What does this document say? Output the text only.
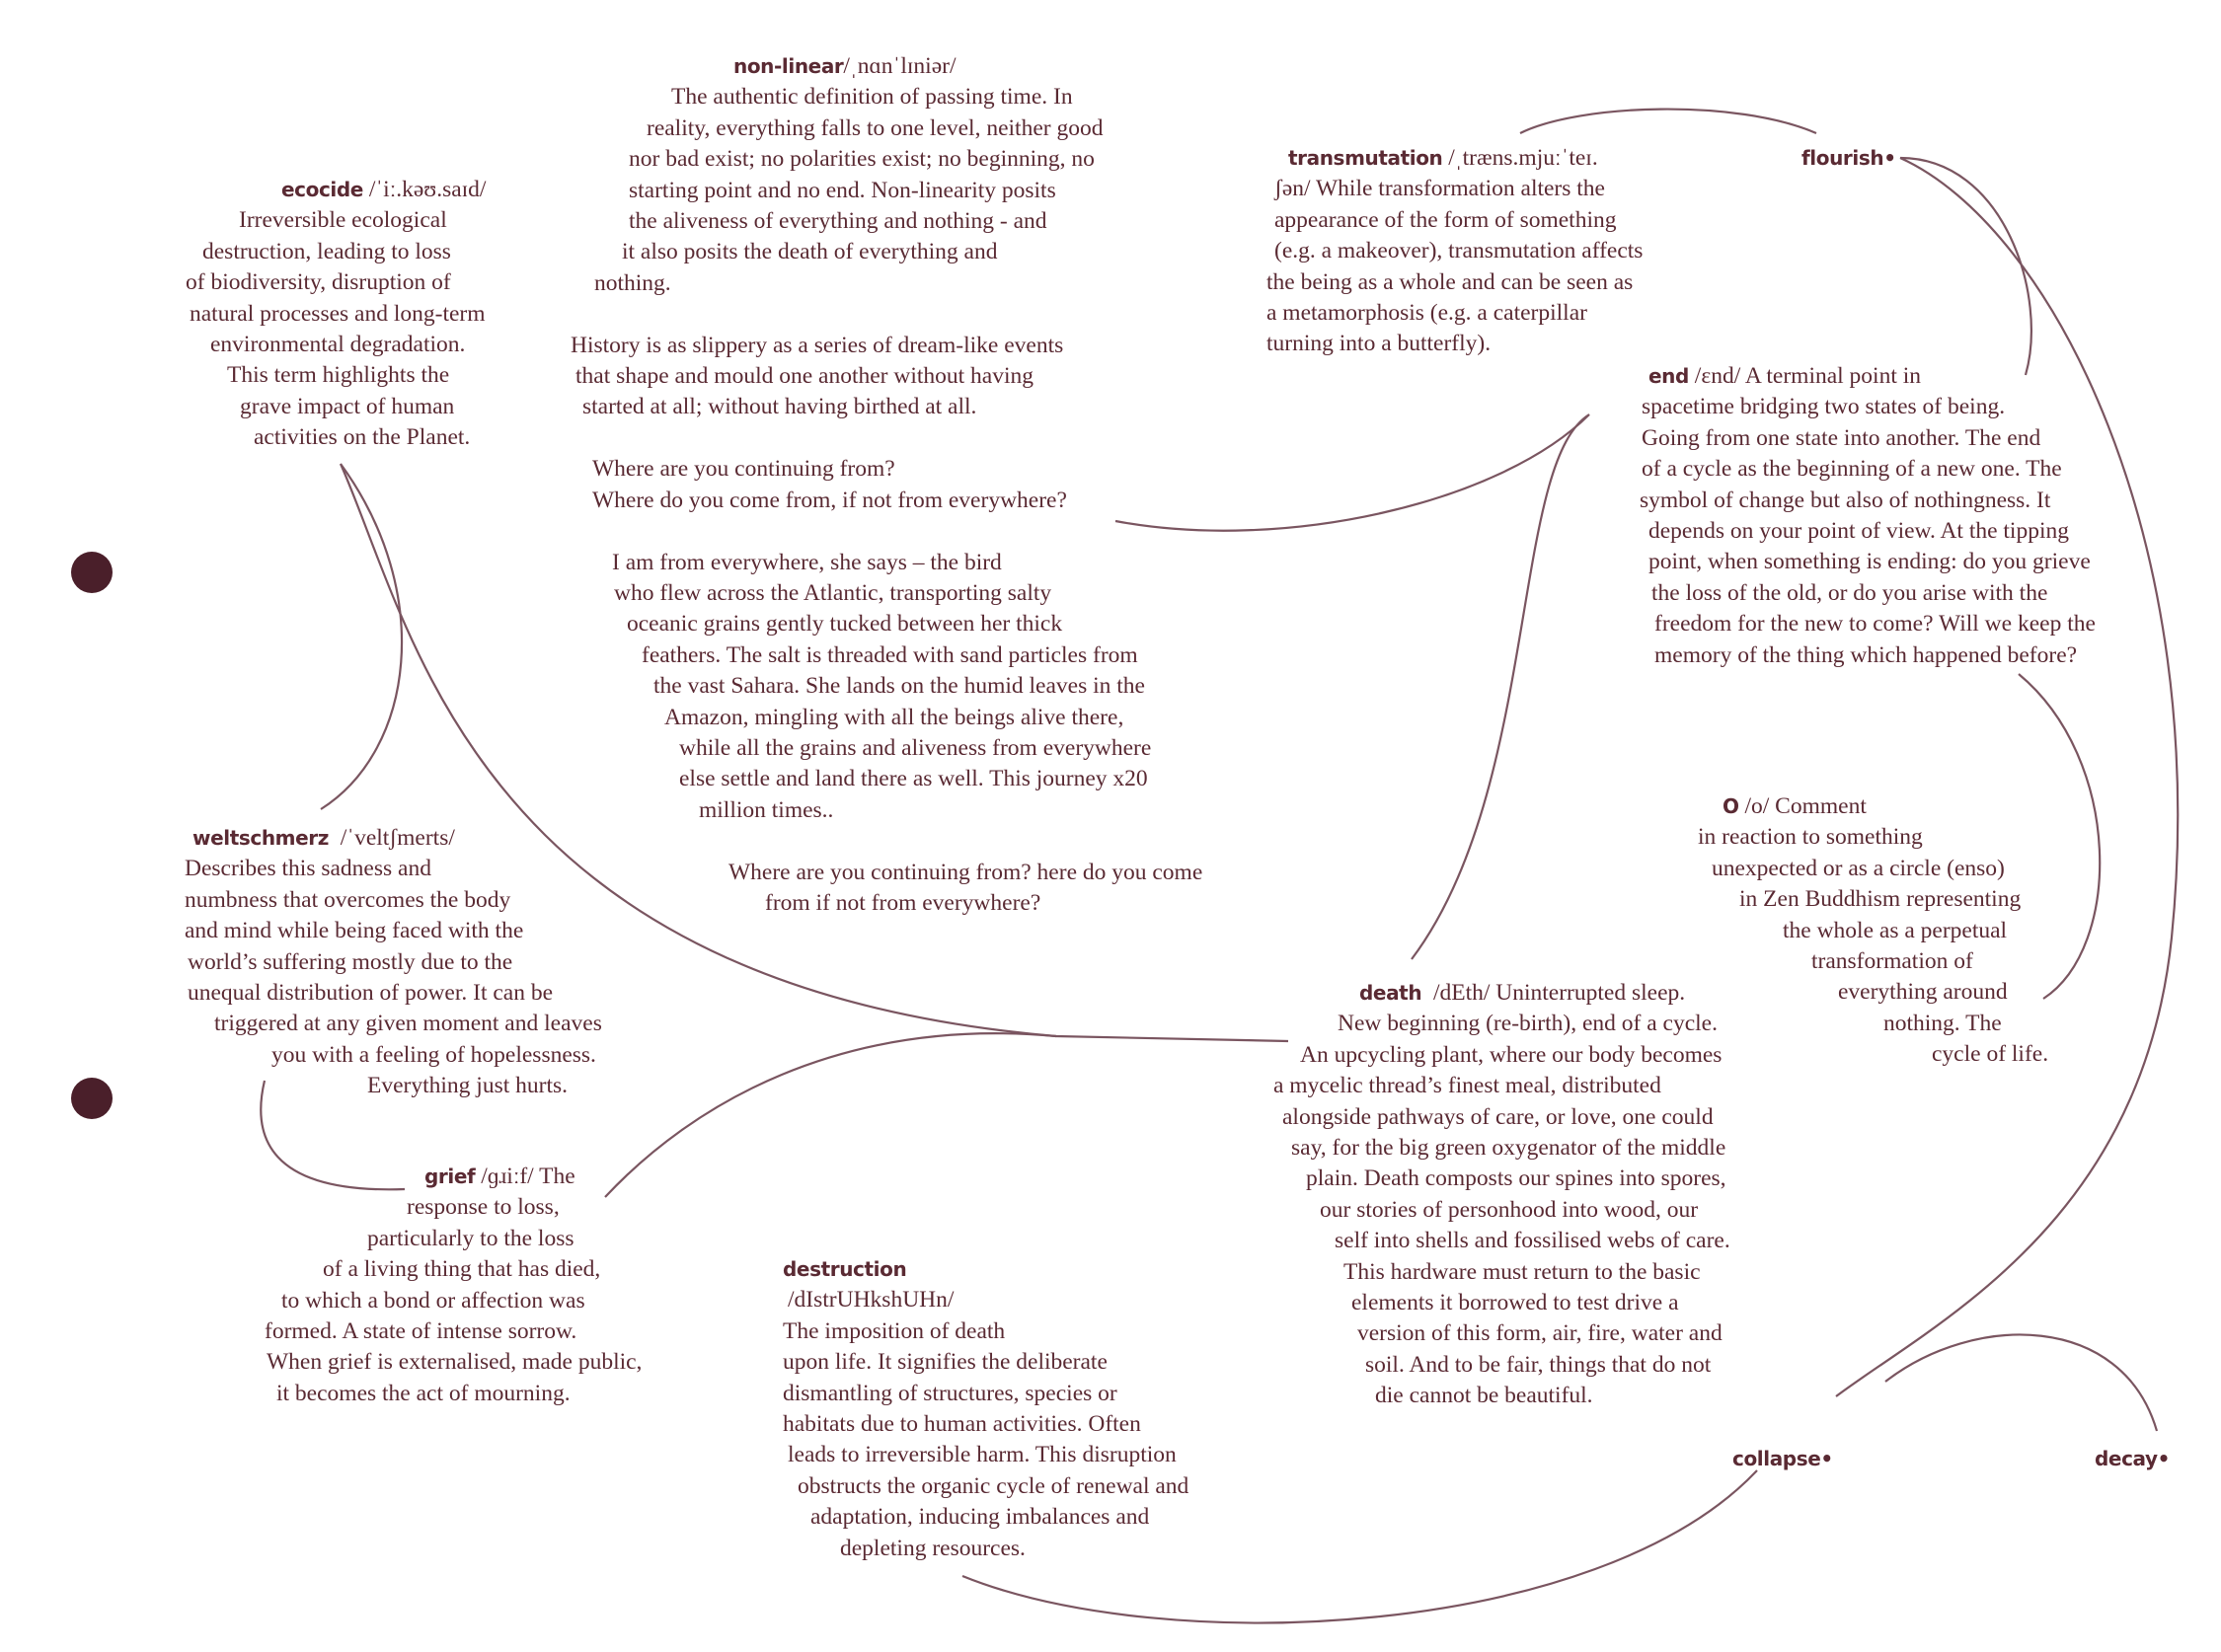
non-linear/ˌnɑnˈlɪniər/
The authentic definition of passing time. In
reality, everything falls to one level, neither good
nor bad exist; no polarities exist; no beginning, no
starting point and no end. Non-linearity posits
the aliveness of everything and nothing - and
it also posits the death of everything and
nothing.

History is as slippery as a series of dream-like events
that shape and mould one another without having
started at all; without having birthed at all.

Where are you continuing from?
Where do you come from, if not from everywhere?

I am from everywhere, she says – the bird
who flew across the Atlantic, transporting salty
oceanic grains gently tucked between her thick
feathers. The salt is threaded with sand particles from
the vast Sahara. She lands on the humid leaves in the
Amazon, mingling with all the beings alive there,
while all the grains and aliveness from everywhere
else settle and land there as well. This journey x20
million times..

Where are you continuing from? here do you come
from if not from everywhere?
ecocide /ˈiː.kəʊ.saɪd/
Irreversible ecological
destruction, leading to loss
of biodiversity, disruption of
natural processes and long-term
environmental degradation.
This term highlights the
grave impact of human
activities on the Planet.
transmutation /ˌtræns.mjuːˈteɪ.
ʃən/ While transformation alters the
appearance of the form of something
(e.g. a makeover), transmutation affects
the being as a whole and can be seen as
a metamorphosis (e.g. a caterpillar
turning into a butterfly).
end /ɛnd/ A terminal point in
spacetime bridging two states of being.
Going from one state into another. The end
of a cycle as the beginning of a new one. The
symbol of change but also of nothingness. It
depends on your point of view. At the tipping
point, when something is ending: do you grieve
the loss of the old, or do you arise with the
freedom for the new to come? Will we keep the
memory of the thing which happened before?
O /o/ Comment
in reaction to something
unexpected or as a circle (enso)
in Zen Buddhism representing
the whole as a perpetual
transformation of
everything around
nothing. The
cycle of life.
weltschmerz /ˈveltʃmerts/
Describes this sadness and
numbness that overcomes the body
and mind while being faced with the
world’s suffering mostly due to the
unequal distribution of power. It can be
triggered at any given moment and leaves
you with a feeling of hopelessness.
Everything just hurts.
death /dEth/ Uninterrupted sleep.
New beginning (re-birth), end of a cycle.
An upcycling plant, where our body becomes
a mycelic thread’s finest meal, distributed
alongside pathways of care, or love, one could
say, for the big green oxygenator of the middle
plain. Death composts our spines into spores,
our stories of personhood into wood, our
self into shells and fossilised webs of care.
This hardware must return to the basic
elements it borrowed to test drive a
version of this form, air, fire, water and
soil. And to be fair, things that do not
die cannot be beautiful.
grief /ɡɹiːf/ The
response to loss,
particularly to the loss
of a living thing that has died,
to which a bond or affection was
formed. A state of intense sorrow.
When grief is externalised, made public,
it becomes the act of mourning.
destruction
/dIstrUHkshUHn/
The imposition of death
upon life. It signifies the deliberate
dismantling of structures, species or
habitats due to human activities. Often
leads to irreversible harm. This disruption
obstructs the organic cycle of renewal and
adaptation, inducing imbalances and
depleting resources.
flourish•
collapse•	decay•
